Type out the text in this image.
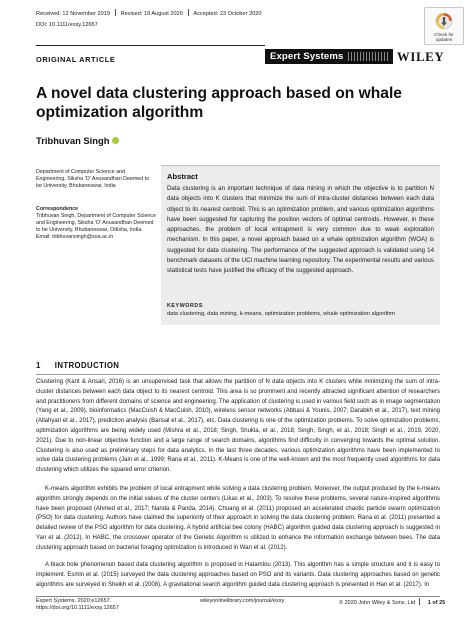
Received: 12 November 2019 Revised: 19 August 2020 Accepted: 23 October 2020
DOI: 10.1111/exsy.12657
Check for
updates
ORIGINAL ARTICLE	Expert Systems	WILEY
A novel data clustering approach based on whale optimization algorithm
Tribhuvan Singh
Department of Computer Science and Engineering, Siksha 'O' Anusandhan Deemed to be University, Bhubaneswar, India
Correspondence
Tribhuvan Singh, Department of Computer Science and Engineering, Siksha 'O' Anusandhan Deemed to be University, Bhubaneswar, Odisha, India.
Email: tribhuvansingh@soa.ac.in
Abstract

Data clustering is an important technique of data mining in which the objective is to partition N data objects into K clusters that minimize the sum of intra-cluster distances between each data object to its nearest centroid. This is an optimization problem, and various optimization algorithms have been suggested for capturing the position vectors of optimal centroids. However, in these approaches, the problem of local entrapment is very common due to weak exploration mechanism. In this paper, a novel approach based on a whale optimization algorithm (WOA) is suggested for data clustering. The performance of the suggested approach is validated using 14 benchmark datasets of the UCI machine learning repository. The experimental results and various statistical tests have justified the efficacy of the suggested approach.

KEYWORDS
data clustering, data mining, k-means, optimization problems, whale optimization algorithm
1 INTRODUCTION

Clustering (Kant & Ansari, 2016) is an unsupervised task that allows the partition of N data objects into K clusters while minimizing the sum of intra-cluster distances between each data object to its nearest centroid. This area is so prominent and recently attracted significant attention of researchers and practitioners from different domains of science and engineering. The application of clustering is used in various field such as in image segmentation (Yang et al., 2009), bioinformatics (MacCuish & MacCuish, 2010), wireless sensor networks (Abbasi & Younis, 2007; Darabkh et al., 2017), text mining (Allahyari et al., 2017), prediction analysis (Bansal et al., 2017), etc. Data clustering is one of the optimization problems. To solve optimization problems, optimization algorithms are being widely used (Mishra et al., 2018; Singh, Shukla, et al., 2018; Singh, Singh, et al., 2018; Singh et al., 2019, 2020, 2021). Due to non-linear objective function and a large range of search domains, algorithms find difficulty in converging towards the optimal solution. Clustering is also used as preliminary steps for data analytics. In the last three decades, various optimization algorithms have been implemented to solve data clustering problems (Jain et al., 1999; Rana et al., 2011). K-Means is one of the well-known and the most frequently used algorithms for data clustering which utilizes the squared error criterion.

K-means algorithm exhibits the problem of local entrapment while solving a data clustering problem. Moreover, the output produced by the k-means algorithm strongly depends on the initial values of the cluster centers (Likas et al., 2003). To resolve these problems, several nature-inspired algorithms have been proposed (Ahmed et al., 2017; Nanda & Panda, 2014). Chuang et al. (2011) proposed an accelerated chaotic particle swarm optimization (PSO) for data clustering. Authors have claimed the superiority of their approach in solving the data clustering problem. Rana et al. (2011) presented a detailed review of the PSO algorithm for data clustering. A hybrid artificial bee colony (HABC) algorithm guided data clustering approach is suggested in Yan et al. (2012). In HABC, the crossover operator of the Genetic Algorithm is utilized to enhance the information exchange between bees. The data clustering approach based on bacterial foraging optimization is introduced in Wan et al. (2012).

A black hole phenomenon based data clustering algorithm is proposed in Hatamlou (2013). This algorithm has a simple structure and it is easy to implement. Esmin et al. (2015) surveyed the data clustering approaches based on PSO and its variants. Data clustering approaches based on genetic algorithms are surveyed in Sheikh et al. (2008). A gravitational search algorithm guided data clustering approach is presented in Han et al. (2017). In

Expert Systems. 2020;e12657.
https://doi.org/10.1111/exsy.12657
wileyonlinelibrary.com/journal/exsy	© 2020 John Wiley & Sons, Ltd 1 of 25
